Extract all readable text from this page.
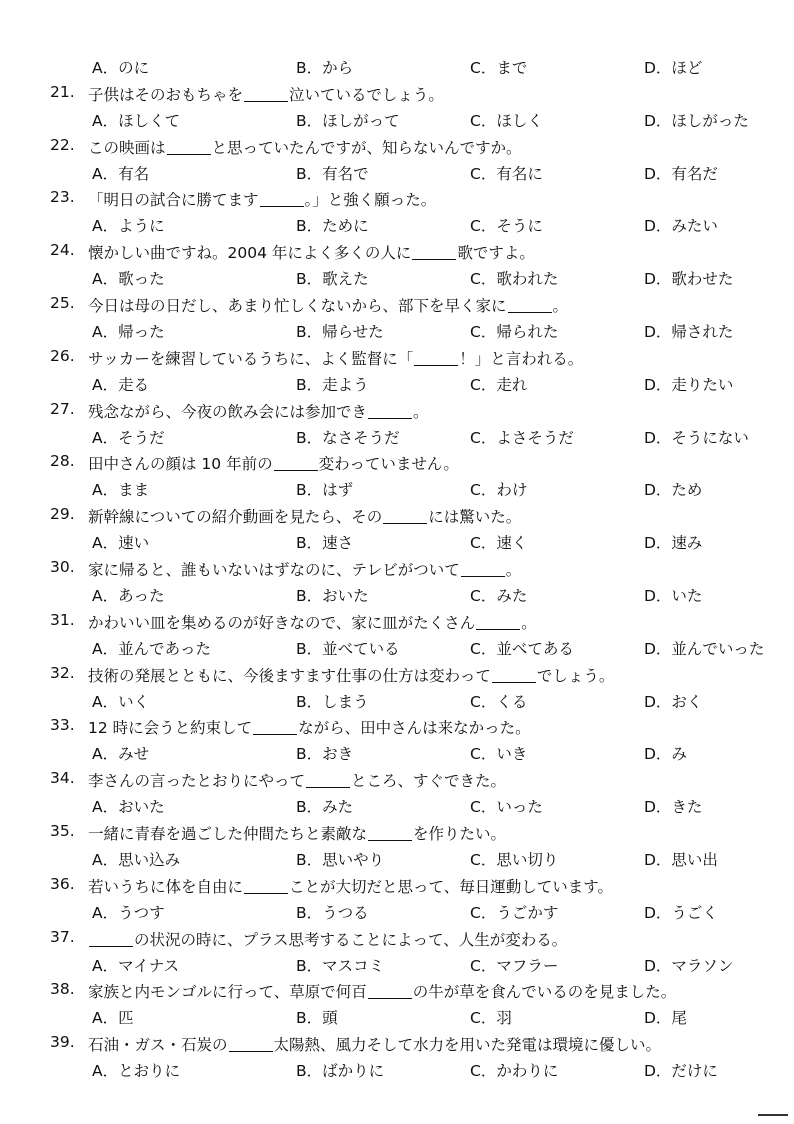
A．のに	B．から	C．まで	D．ほど
21. 子供はそのおもちゃを	泣いているでしょう。
A．ほしくて	B．ほしがって	C．ほしく	D．ほしがった
22. この映画は	と思っていたんですが、知らないんですか。
A．有名	B．有名で	C．有名に	D．有名だ
23. 「明日の試合に勝てます	。」と強く願った。
A．ように	B．ために	C．そうに	D．みたい
24. 懐かしい曲ですね。2004 年によく多くの人に	歌ですよ。
A．歌った	B．歌えた	C．歌われた	D．歌わせた
25. 今日は母の日だし、あまり忙しくないから、部下を早く家に	。
A．帰った	B．帰らせた	C．帰られた	D．帰された
26. サッカーを練習しているうちに、よく監督に「	！」と言われる。
A．走る	B．走よう	C．走れ	D．走りたい
27. 残念ながら、今夜の飲み会には参加でき	。
A．そうだ	B．なさそうだ	C．よさそうだ	D．そうにない
28. 田中さんの顔は 10 年前の	変わっていません。
A．まま	B．はず	C．わけ	D．ため
29. 新幹線についての紹介動画を見たら、その	には驚いた。
A．速い	B．速さ	C．速く	D．速み
30. 家に帰ると、誰もいないはずなのに、テレビがついて	。
A．あった	B．おいた	C．みた	D．いた
31. かわいい皿を集めるのが好きなので、家に皿がたくさん	。
A．並んであった	B．並べている	C．並べてある	D．並んでいった
32. 技術の発展とともに、今後ますます仕事の仕方は変わって	でしょう。
A．いく	B．しまう	C．くる	D．おく
33. 12 時に会うと約束して	ながら、田中さんは来なかった。
A．みせ	B．おき	C．いき	D．み
34. 李さんの言ったとおりにやって	ところ、すぐできた。
A．おいた	B．みた	C．いった	D．きた
35. 一緒に青春を過ごした仲間たちと素敵な	を作りたい。
A．思い込み	B．思いやり	C．思い切り	D．思い出
36. 若いうちに体を自由に	ことが大切だと思って、毎日運動しています。
A．うつす	B．うつる	C．うごかす	D．うごく
37.	の状況の時に、プラス思考することによって、人生が変わる。
A．マイナス	B．マスコミ	C．マフラー	D．マラソン
38. 家族と内モンゴルに行って、草原で何百	の牛が草を食んでいるのを見ました。
A．匹	B．頭	C．羽	D．尾
39. 石油・ガス・石炭の	太陽熱、風力そして水力を用いた発電は環境に優しい。
A．とおりに	B．ばかりに	C．かわりに	D．だけに
